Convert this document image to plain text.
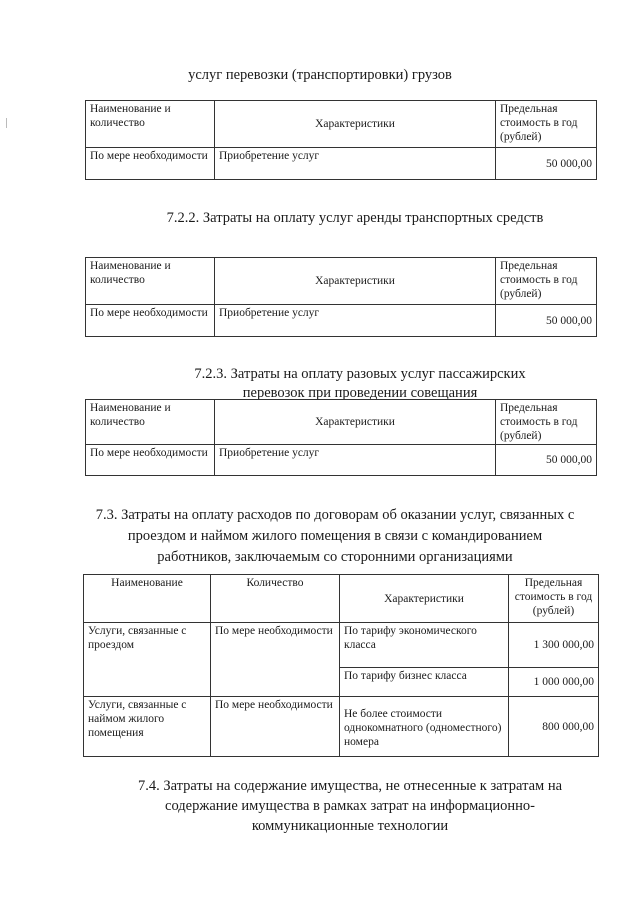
услуг перевозки (транспортировки) грузов
Наименование и количество	Характеристики	Предельная стоимость в год (рублей)
По мере необходимости	Приобретение услуг	50 000,00
7.2.2. Затраты на оплату услуг аренды транспортных средств
Наименование и количество	Характеристики	Предельная стоимость в год (рублей)
По мере необходимости	Приобретение услуг	50 000,00
7.2.3. Затраты на оплату разовых услуг пассажирских
перевозок при проведении совещания
Наименование и количество	Характеристики	Предельная стоимость в год (рублей)
По мере необходимости	Приобретение услуг	50 000,00
7.3. Затраты на оплату расходов по договорам об оказании услуг, связанных с
проездом и наймом жилого помещения в связи с командированием
работников, заключаемым со сторонними организациями
Наименование	Количество	Характеристики	Предельная стоимость в год (рублей)
Услуги, связанные с проездом	По мере необходимости	По тарифу экономического класса	1 300 000,00
		По тарифу бизнес класса	1 000 000,00
Услуги, связанные с наймом жилого помещения	По мере необходимости	Не более стоимости однокомнатного (одноместного) номера	800 000,00
7.4. Затраты на содержание имущества, не отнесенные к затратам на
содержание имущества в рамках затрат на информационно-
коммуникационные технологии
